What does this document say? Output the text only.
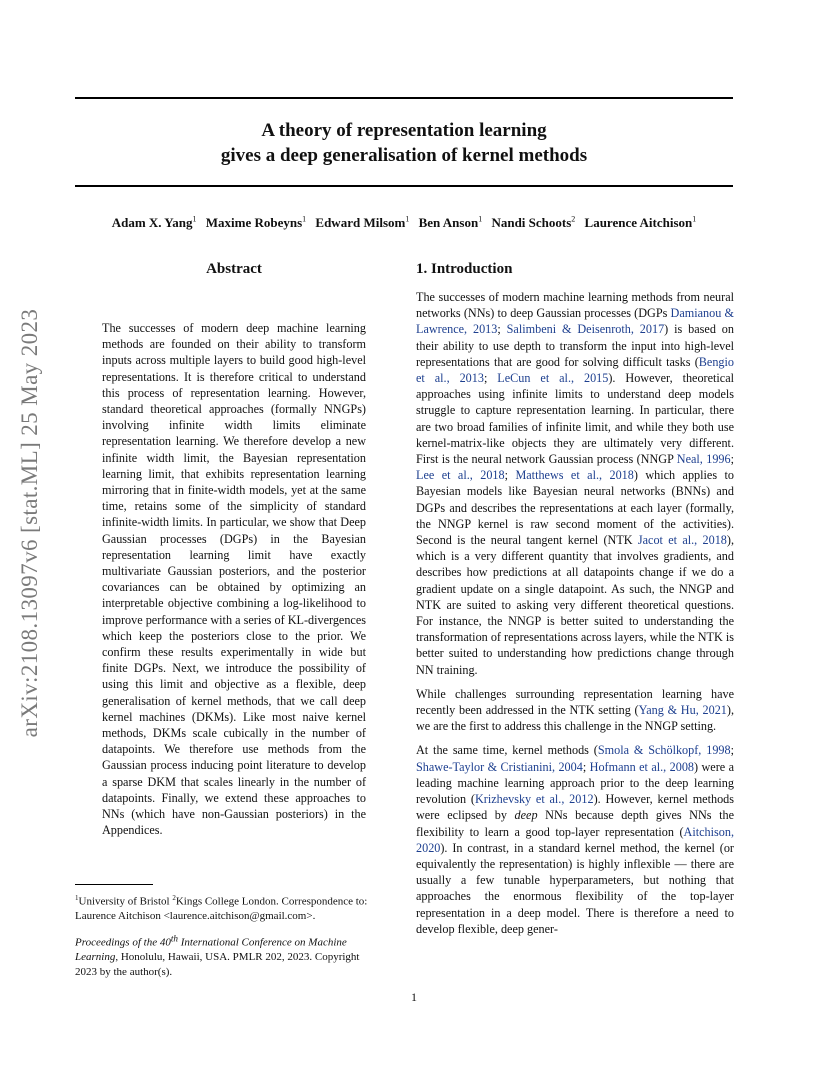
A theory of representation learning
gives a deep generalisation of kernel methods
Adam X. Yang$^1$ Maxime Robeyns$^1$ Edward Milsom$^1$ Ben Anson$^1$ Nandi Schoots$^2$ Laurence Aitchison$^1$
arXiv:2108.13097v6 [stat.ML] 25 May 2023
Abstract
The successes of modern deep machine learning methods are founded on their ability to transform inputs across multiple layers to build good high-level representations. It is therefore critical to understand this process of representation learning. However, standard theoretical approaches (formally NNGPs) involving infinite width limits eliminate representation learning. We therefore develop a new infinite width limit, the Bayesian representation learning limit, that exhibits representation learning mirroring that in finite-width models, yet at the same time, retains some of the simplicity of standard infinite-width limits. In particular, we show that Deep Gaussian processes (DGPs) in the Bayesian representation learning limit have exactly multivariate Gaussian posteriors, and the posterior covariances can be obtained by optimizing an interpretable objective combining a log-likelihood to improve performance with a series of KL-divergences which keep the posteriors close to the prior. We confirm these results experimentally in wide but finite DGPs. Next, we introduce the possibility of using this limit and objective as a flexible, deep generalisation of kernel methods, that we call deep kernel machines (DKMs). Like most naive kernel methods, DKMs scale cubically in the number of datapoints. We therefore use methods from the Gaussian process inducing point literature to develop a sparse DKM that scales linearly in the number of datapoints. Finally, we extend these approaches to NNs (which have non-Gaussian posteriors) in the Appendices.
$^1$University of Bristol $^2$Kings College London. Correspondence to: Laurence Aitchison <laurence.aitchison@gmail.com>.
Proceedings of the 40th International Conference on Machine Learning, Honolulu, Hawaii, USA. PMLR 202, 2023. Copyright 2023 by the author(s).
1. Introduction

The successes of modern machine learning methods from neural networks (NNs) to deep Gaussian processes (DGPs Damianou & Lawrence, 2013; Salimbeni & Deisenroth, 2017) is based on their ability to use depth to transform the input into high-level representations that are good for solving difficult tasks (Bengio et al., 2013; LeCun et al., 2015). However, theoretical approaches using infinite limits to understand deep models struggle to capture representation learning. In particular, there are two broad families of infinite limit, and while they both use kernel-matrix-like objects they are ultimately very different. First is the neural network Gaussian process (NNGP Neal, 1996; Lee et al., 2018; Matthews et al., 2018) which applies to Bayesian models like Bayesian neural networks (BNNs) and DGPs and describes the representations at each layer (formally, the NNGP kernel is raw second moment of the activities). Second is the neural tangent kernel (NTK Jacot et al., 2018), which is a very different quantity that involves gradients, and describes how predictions at all datapoints change if we do a gradient update on a single datapoint. As such, the NNGP and NTK are suited to asking very different theoretical questions. For instance, the NNGP is better suited to understanding the transformation of representations across layers, while the NTK is better suited to understanding how predictions change through NN training.

While challenges surrounding representation learning have recently been addressed in the NTK setting (Yang & Hu, 2021), we are the first to address this challenge in the NNGP setting.

At the same time, kernel methods (Smola & Schölkopf, 1998; Shawe-Taylor & Cristianini, 2004; Hofmann et al., 2008) were a leading machine learning approach prior to the deep learning revolution (Krizhevsky et al., 2012). However, kernel methods were eclipsed by deep NNs because depth gives NNs the flexibility to learn a good top-layer representation (Aitchison, 2020). In contrast, in a standard kernel method, the kernel (or equivalently the representation) is highly inflexible — there are usually a few tunable hyperparameters, but nothing that approaches the enormous flexibility of the top-layer representation in a deep model. There is therefore a need to develop flexible, deep gener-

1
